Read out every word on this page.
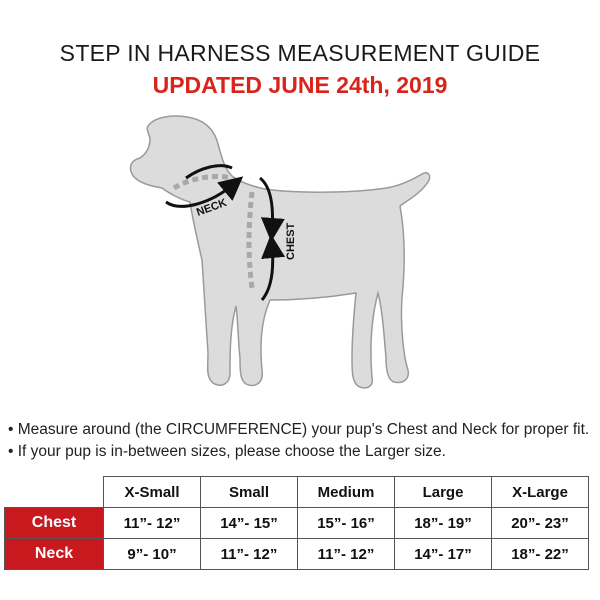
STEP IN HARNESS MEASUREMENT GUIDE
UPDATED JUNE 24th, 2019
NECK
CHEST
• Measure around (the CIRCUMFERENCE) your pup's Chest and Neck for proper fit.
• If your pup is in-between sizes, please choose the Larger size.
	X-Small	Small	Medium	Large	X-Large
Chest	11”- 12”	14”- 15”	15”- 16”	18”- 19”	20”- 23”
Neck	9”- 10”	11”- 12”	11”- 12”	14”- 17”	18”- 22”
